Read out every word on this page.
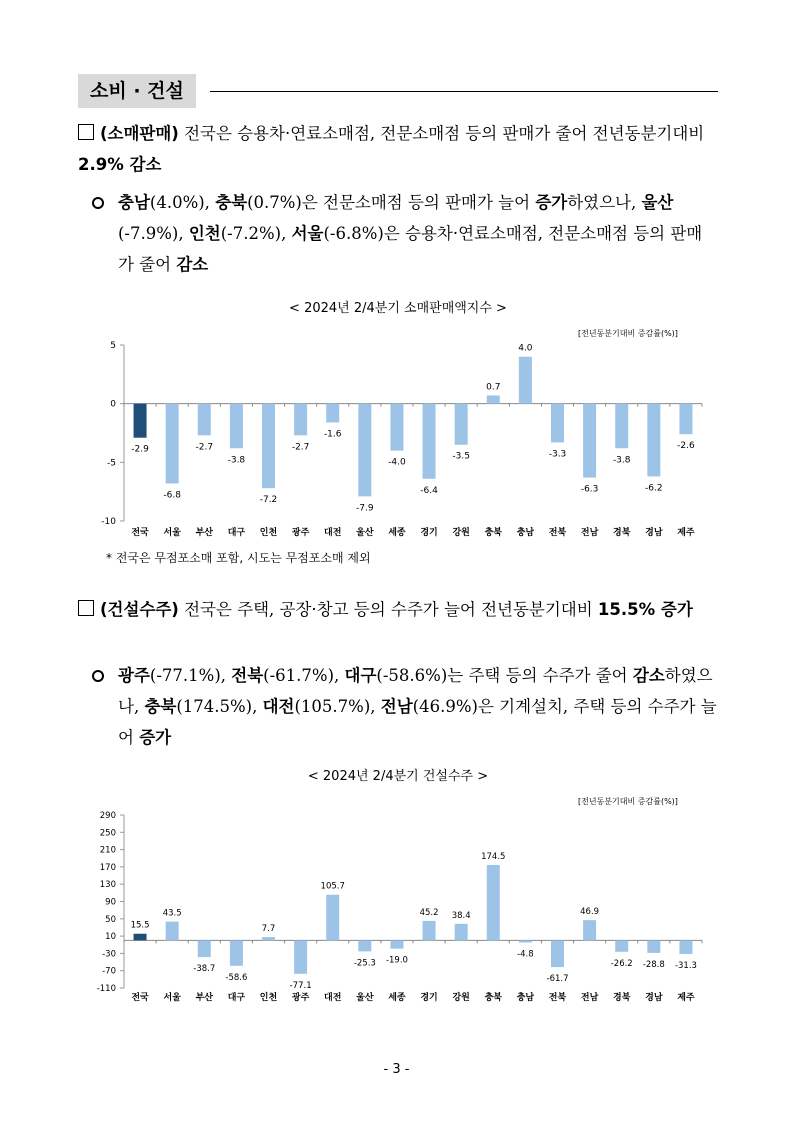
소비 · 건설
(소매판매) 전국은 승용차·연료소매점, 전문소매점 등의 판매가 줄어 전년동분기대비 2.9% 감소
충남(4.0%), 충북(0.7%)은 전문소매점 등의 판매가 늘어 증가하였으나, 울산(-7.9%), 인천(-7.2%), 서울(-6.8%)은 승용차·연료소매점, 전문소매점 등의 판매가 줄어 감소
< 2024년 2/4분기 소매판매액지수 >
[전년동분기대비 증감률(%)]
5
0
-5
-10
-2.9
전국
-6.8
서울
-2.7
부산
-3.8
대구
-7.2
인천
-2.7
광주
-1.6
대전
-7.9
울산
-4.0
세종
-6.4
경기
-3.5
강원
0.7
충북
4.0
충남
-3.3
전북
-6.3
전남
-3.8
경북
-6.2
경남
-2.6
제주
* 전국은 무점포소매 포함, 시도는 무점포소매 제외
(건설수주) 전국은 주택, 공장·창고 등의 수주가 늘어 전년동분기대비 15.5% 증가
광주(-77.1%), 전북(-61.7%), 대구(-58.6%)는 주택 등의 수주가 줄어 감소하였으나, 충북(174.5%), 대전(105.7%), 전남(46.9%)은 기계설치, 주택 등의 수주가 늘어 증가
< 2024년 2/4분기 건설수주 >
[전년동분기대비 증감률(%)]
290
250
210
170
130
90
50
10
-30
-70
-110
15.5
전국
43.5
서울
-38.7
부산
-58.6
대구
7.7
인천
-77.1
광주
105.7
대전
-25.3
울산
-19.0
세종
45.2
경기
38.4
강원
174.5
충북
-4.8
충남
-61.7
전북
46.9
전남
-26.2
경북
-28.8
경남
-31.3
제주
- 3 -
